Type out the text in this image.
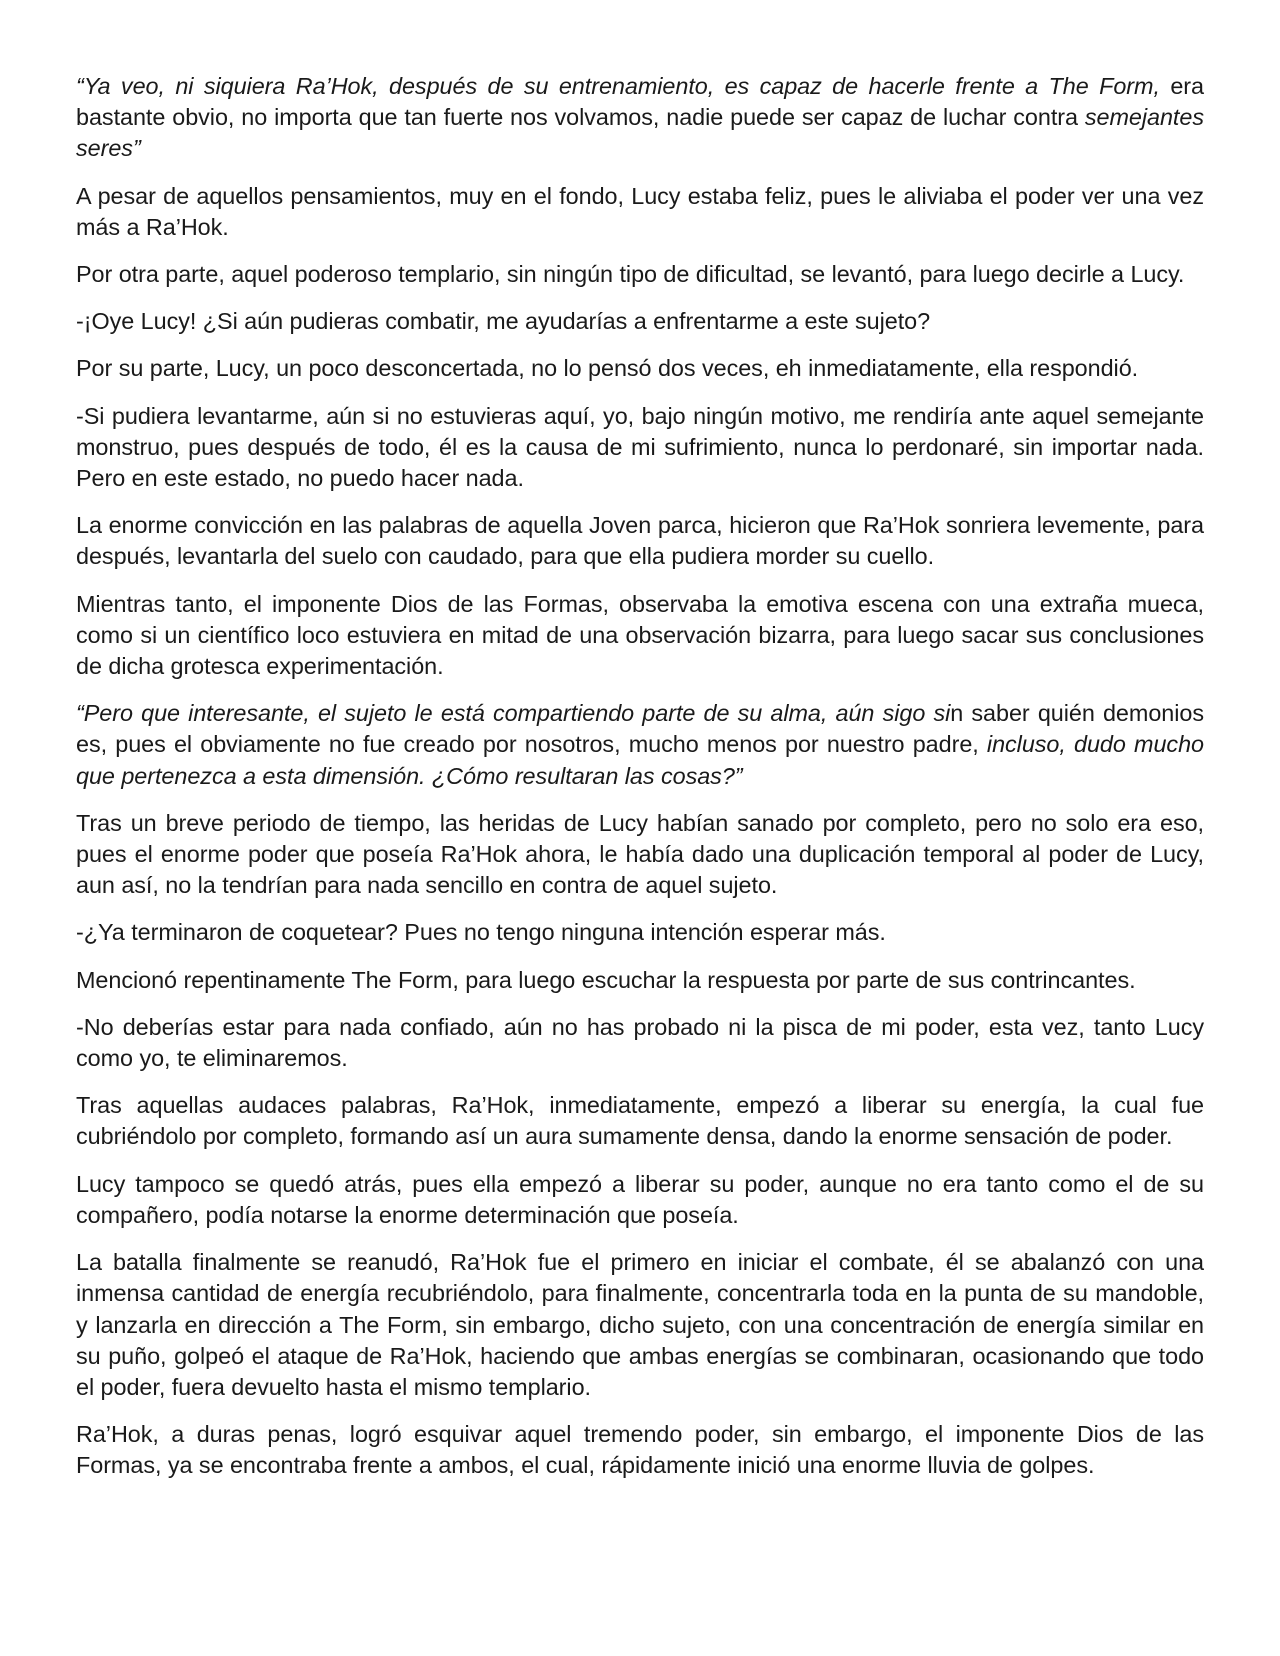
“Ya veo, ni siquiera Ra’Hok, después de su entrenamiento, es capaz de hacerle frente a The Form, era bastante obvio, no importa que tan fuerte nos volvamos, nadie puede ser capaz de luchar contra semejantes seres”

A pesar de aquellos pensamientos, muy en el fondo, Lucy estaba feliz, pues le aliviaba el poder ver una vez más a Ra’Hok.

Por otra parte, aquel poderoso templario, sin ningún tipo de dificultad, se levantó, para luego decirle a Lucy.

-¡Oye Lucy! ¿Si aún pudieras combatir, me ayudarías a enfrentarme a este sujeto?

Por su parte, Lucy, un poco desconcertada, no lo pensó dos veces, eh inmediatamente, ella respondió.

-Si pudiera levantarme, aún si no estuvieras aquí, yo, bajo ningún motivo, me rendiría ante aquel semejante monstruo, pues después de todo, él es la causa de mi sufrimiento, nunca lo perdonaré, sin importar nada. Pero en este estado, no puedo hacer nada.

La enorme convicción en las palabras de aquella Joven parca, hicieron que Ra’Hok sonriera levemente, para después, levantarla del suelo con caudado, para que ella pudiera morder su cuello.

Mientras tanto, el imponente Dios de las Formas, observaba la emotiva escena con una extraña mueca, como si un científico loco estuviera en mitad de una observación bizarra, para luego sacar sus conclusiones de dicha grotesca experimentación.

“Pero que interesante, el sujeto le está compartiendo parte de su alma, aún sigo sin saber quién demonios es, pues el obviamente no fue creado por nosotros, mucho menos por nuestro padre, incluso, dudo mucho que pertenezca a esta dimensión. ¿Cómo resultaran las cosas?”

Tras un breve periodo de tiempo, las heridas de Lucy habían sanado por completo, pero no solo era eso, pues el enorme poder que poseía Ra’Hok ahora, le había dado una duplicación temporal al poder de Lucy, aun así, no la tendrían para nada sencillo en contra de aquel sujeto.

-¿Ya terminaron de coquetear? Pues no tengo ninguna intención esperar más.

Mencionó repentinamente The Form, para luego escuchar la respuesta por parte de sus contrincantes.

-No deberías estar para nada confiado, aún no has probado ni la pisca de mi poder, esta vez, tanto Lucy como yo, te eliminaremos.

Tras aquellas audaces palabras, Ra’Hok, inmediatamente, empezó a liberar su energía, la cual fue cubriéndolo por completo, formando así un aura sumamente densa, dando la enorme sensación de poder.

Lucy tampoco se quedó atrás, pues ella empezó a liberar su poder, aunque no era tanto como el de su compañero, podía notarse la enorme determinación que poseía.

La batalla finalmente se reanudó, Ra’Hok fue el primero en iniciar el combate, él se abalanzó con una inmensa cantidad de energía recubriéndolo, para finalmente, concentrarla toda en la punta de su mandoble, y lanzarla en dirección a The Form, sin embargo, dicho sujeto, con una concentración de energía similar en su puño, golpeó el ataque de Ra’Hok, haciendo que ambas energías se combinaran, ocasionando que todo el poder, fuera devuelto hasta el mismo templario.

Ra’Hok, a duras penas, logró esquivar aquel tremendo poder, sin embargo, el imponente Dios de las Formas, ya se encontraba frente a ambos, el cual, rápidamente inició una enorme lluvia de golpes.
